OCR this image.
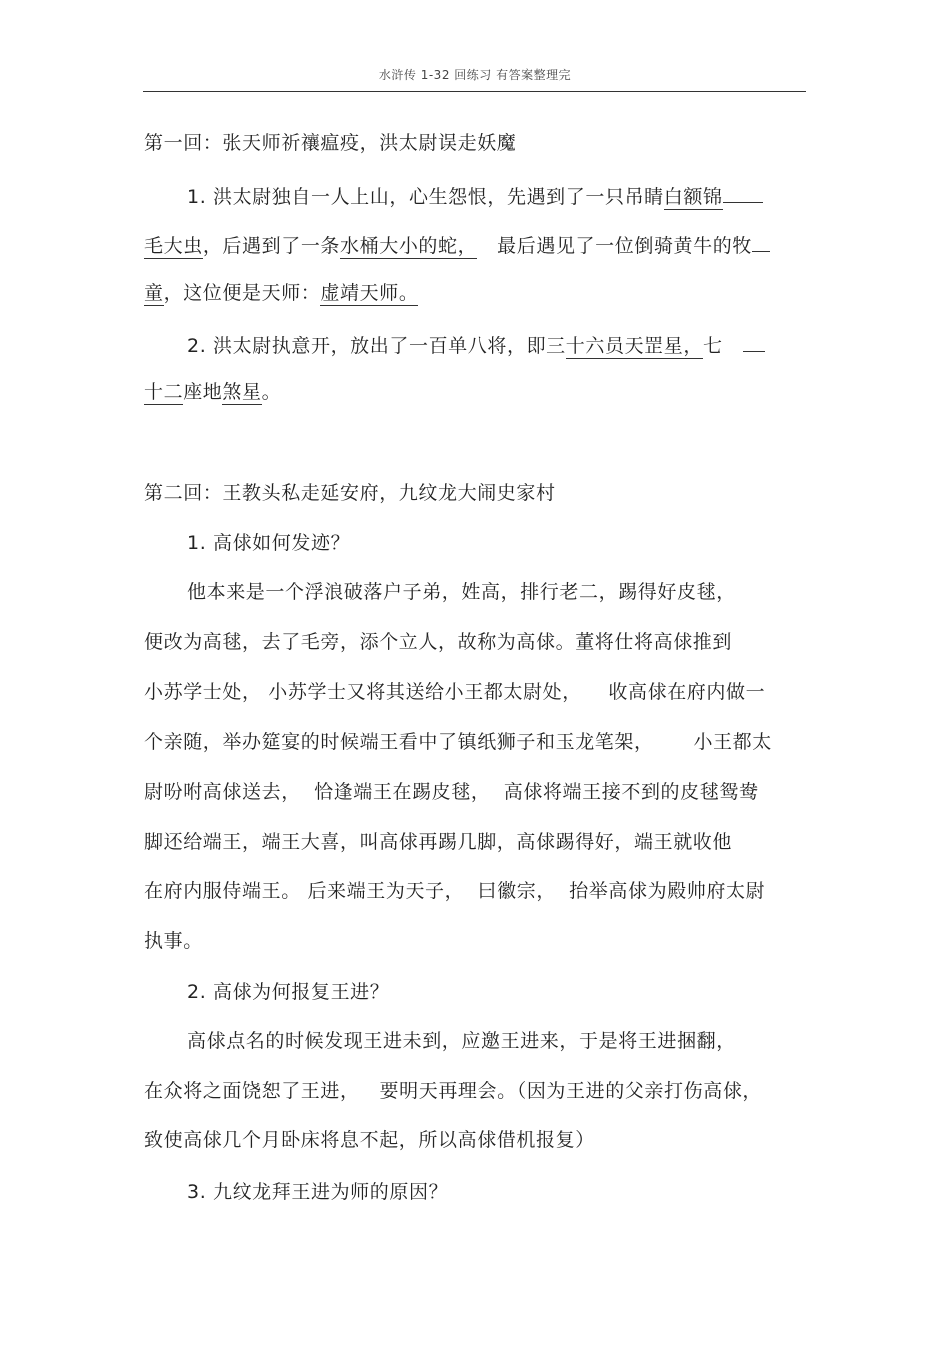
水浒传 1-32 回练习 有答案整理完
第一回：张天师祈禳瘟疫，洪太尉误走妖魔
1. 洪太尉独自一人上山，心生怨恨，先遇到了一只吊睛白额锦
毛大虫，后遇到了一条水桶大小的蛇，   最后遇见了一位倒骑黄牛的牧
童，这位便是天师：虚靖天师。
2. 洪太尉执意开，放出了一百单八将，即三十六员天罡星，七
十二座地煞星。
第二回：王教头私走延安府，九纹龙大闹史家村
1. 高俅如何发迹？
他本来是一个浮浪破落户子弟，姓高，排行老二，踢得好皮毬，
便改为高毬，去了毛旁，添个立人，故称为高俅。董将仕将高俅推到
小苏学士处， 小苏学士又将其送给小王都太尉处，    收高俅在府内做一
个亲随，举办筵宴的时候端王看中了镇纸狮子和玉龙笔架，      小王都太
尉吩咐高俅送去，  恰逢端王在踢皮毬，  高俅将端王接不到的皮毬鸳鸯
脚还给端王，端王大喜，叫高俅再踢几脚，高俅踢得好，端王就收他
在府内服侍端王。 后来端王为天子，  曰徽宗，  抬举高俅为殿帅府太尉
执事。
2. 高俅为何报复王进？
高俅点名的时候发现王进未到，应邀王进来，于是将王进捆翻，
在众将之面饶恕了王进，   要明天再理会。（因为王进的父亲打伤高俅，
致使高俅几个月卧床将息不起，所以高俅借机报复）
3. 九纹龙拜王进为师的原因？
